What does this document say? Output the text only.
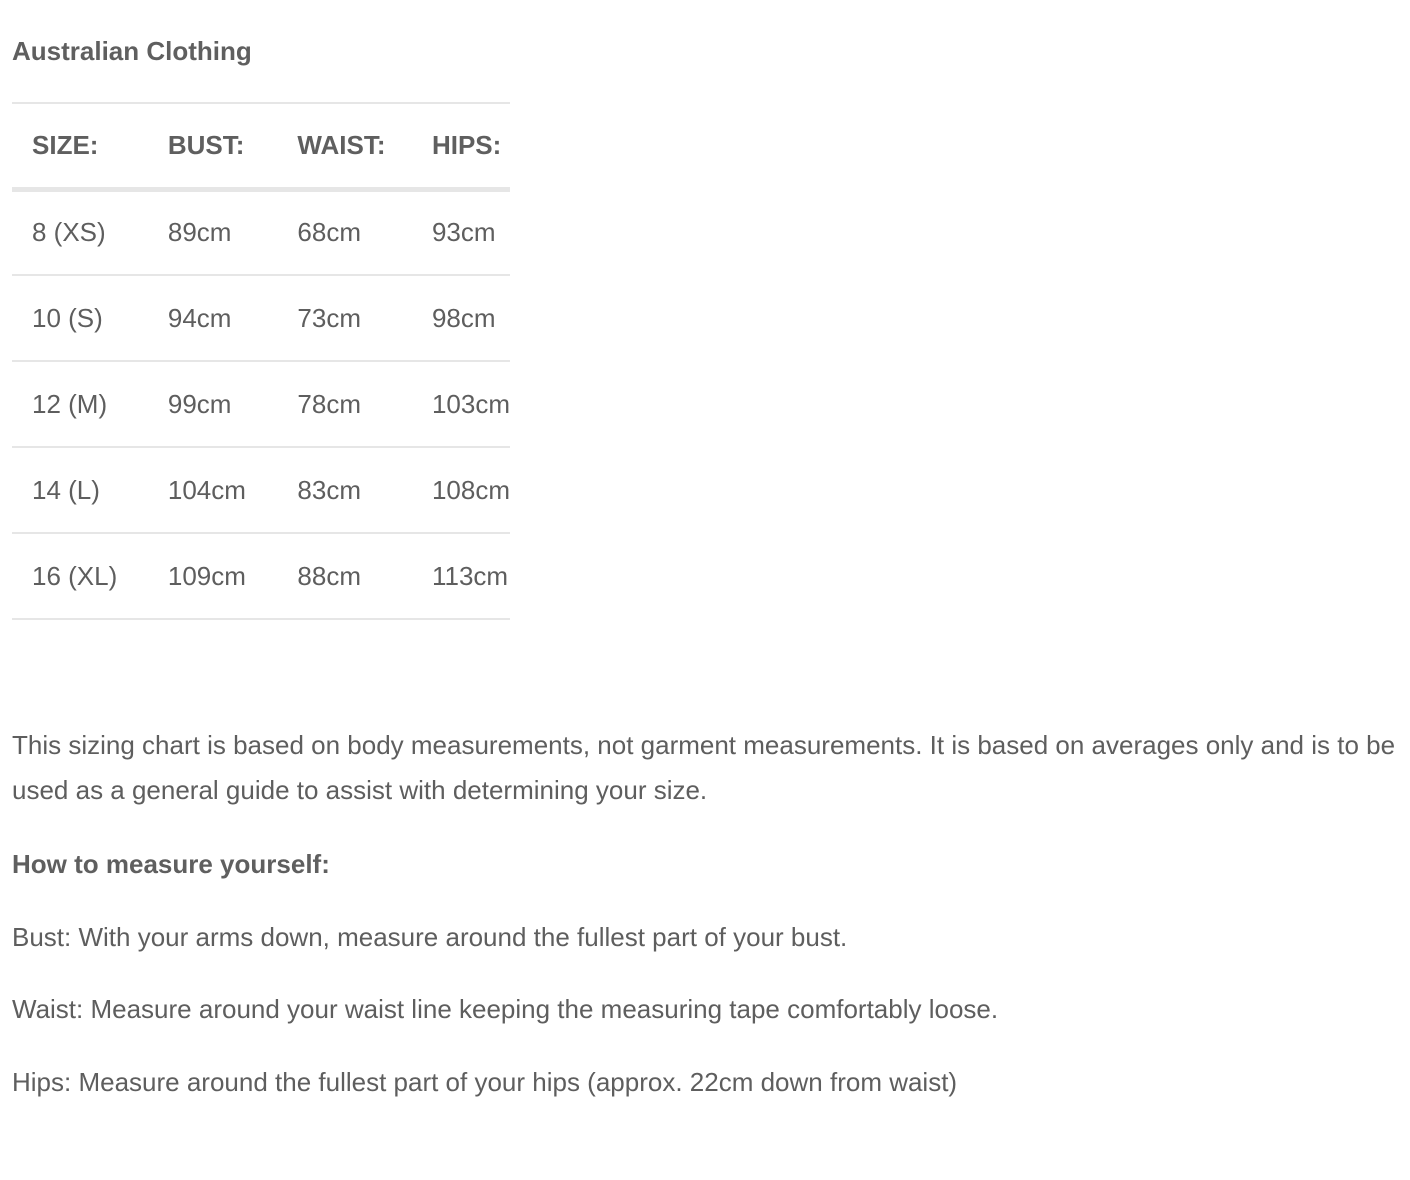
Australian Clothing
SIZE:	BUST:	WAIST:	HIPS:
8 (XS)	89cm	68cm	93cm
10 (S)	94cm	73cm	98cm
12 (M)	99cm	78cm	103cm
14 (L)	104cm	83cm	108cm
16 (XL)	109cm	88cm	113cm
This sizing chart is based on body measurements, not garment measurements. It is based on averages only and is to be
used as a general guide to assist with determining your size.
How to measure yourself:
Bust: With your arms down, measure around the fullest part of your bust.
Waist: Measure around your waist line keeping the measuring tape comfortably loose.
Hips: Measure around the fullest part of your hips (approx. 22cm down from waist)
